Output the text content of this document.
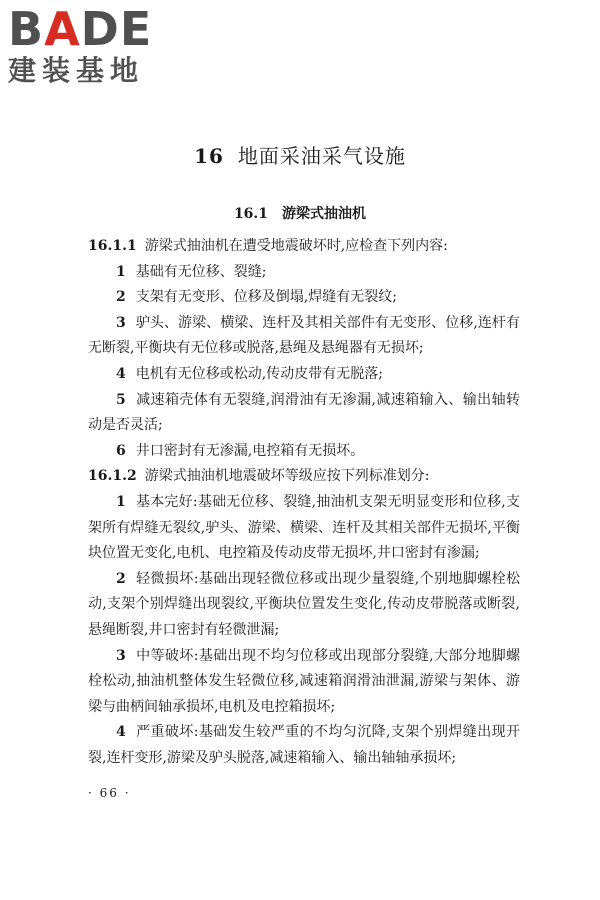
BADE
建装基地
16 地面采油采气设施
16.1 游梁式抽油机

16.1.1 游梁式抽油机在遭受地震破坏时,应检查下列内容:

1 基础有无位移、裂缝;

2 支架有无变形、位移及倒塌,焊缝有无裂纹;

3 驴头、游梁、横梁、连杆及其相关部件有无变形、位移,连杆有无断裂,平衡块有无位移或脱落,悬绳及悬绳器有无损坏;

4 电机有无位移或松动,传动皮带有无脱落;

5 减速箱壳体有无裂缝,润滑油有无渗漏,减速箱输入、输出轴转动是否灵活;

6 井口密封有无渗漏,电控箱有无损坏。

16.1.2 游梁式抽油机地震破坏等级应按下列标准划分:

1 基本完好:基础无位移、裂缝,抽油机支架无明显变形和位移,支架所有焊缝无裂纹,驴头、游梁、横梁、连杆及其相关部件无损坏,平衡块位置无变化,电机、电控箱及传动皮带无损坏,井口密封有渗漏;

2 轻微损坏:基础出现轻微位移或出现少量裂缝,个别地脚螺栓松动,支架个别焊缝出现裂纹,平衡块位置发生变化,传动皮带脱落或断裂,悬绳断裂,井口密封有轻微泄漏;

3 中等破坏:基础出现不均匀位移或出现部分裂缝,大部分地脚螺栓松动,抽油机整体发生轻微位移,减速箱润滑油泄漏,游梁与架体、游梁与曲柄间轴承损坏,电机及电控箱损坏;

4 严重破坏:基础发生较严重的不均匀沉降,支架个别焊缝出现开裂,连杆变形,游梁及驴头脱落,减速箱输入、输出轴轴承损坏;

· 66 ·
